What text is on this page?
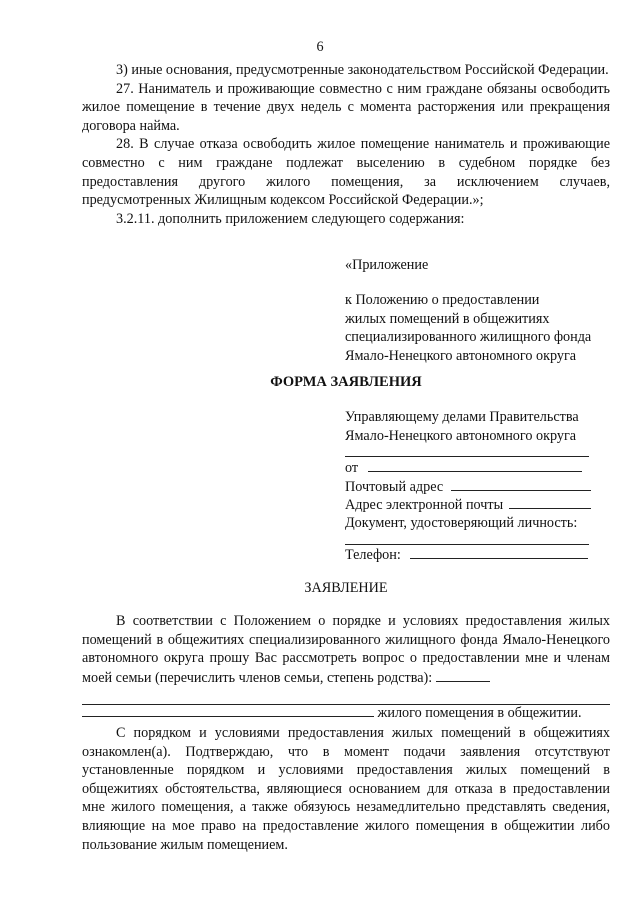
6

3) иные основания, предусмотренные законодательством Российской Федерации.

27. Наниматель и проживающие совместно с ним граждане обязаны освободить жилое помещение в течение двух недель с момента расторжения или прекращения договора найма.

28. В случае отказа освободить жилое помещение наниматель и проживающие совместно с ним граждане подлежат выселению в судебном порядке без предоставления другого жилого помещения, за исключением случаев, предусмотренных Жилищным кодексом Российской Федерации.»;

3.2.11. дополнить приложением следующего содержания:

«Приложение
к Положению о предоставлении
жилых помещений в общежитиях
специализированного жилищного фонда
Ямало-Ненецкого автономного округа
ФОРМА ЗАЯВЛЕНИЯ
Управляющему делами Правительства
Ямало-Ненецкого автономного округа
от
Почтовый адрес
Адрес электронной почты
Документ, удостоверяющий личность:
Телефон:
ЗАЯВЛЕНИЕ

В соответствии с Положением о порядке и условиях предоставления жилых помещений в общежитиях специализированного жилищного фонда Ямало-Ненецкого автономного округа прошу Вас рассмотреть вопрос о предоставлении мне и членам моей семьи (перечислить членов семьи, степень родства):

жилого помещения в общежитии.

С порядком и условиями предоставления жилых помещений в общежитиях ознакомлен(а). Подтверждаю, что в момент подачи заявления отсутствуют установленные порядком и условиями предоставления жилых помещений в общежитиях обстоятельства, являющиеся основанием для отказа в предоставлении мне жилого помещения, а также обязуюсь незамедлительно представлять сведения, влияющие на мое право на предоставление жилого помещения в общежитии либо пользование жилым помещением.
